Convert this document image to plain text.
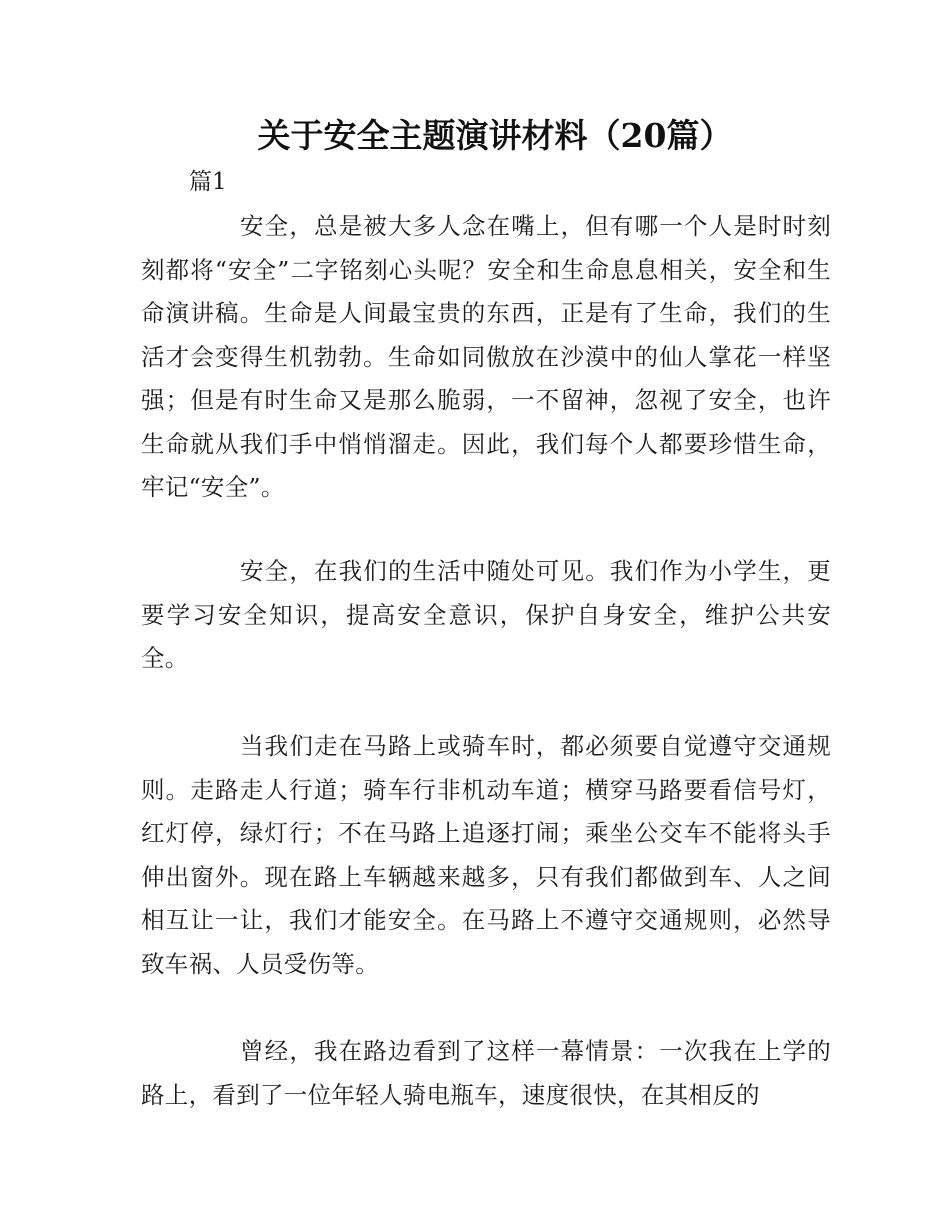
关于安全主题演讲材料（20篇）
篇1

安全，总是被大多人念在嘴上，但有哪一个人是时时刻刻都将“安全”二字铭刻心头呢？安全和生命息息相关，安全和生命演讲稿。生命是人间最宝贵的东西，正是有了生命，我们的生活才会变得生机勃勃。生命如同傲放在沙漠中的仙人掌花一样坚强；但是有时生命又是那么脆弱，一不留神，忽视了安全，也许生命就从我们手中悄悄溜走。因此，我们每个人都要珍惜生命，牢记“安全”。

安全，在我们的生活中随处可见。我们作为小学生，更要学习安全知识，提高安全意识，保护自身安全，维护公共安全。

当我们走在马路上或骑车时，都必须要自觉遵守交通规则。走路走人行道；骑车行非机动车道；横穿马路要看信号灯，红灯停，绿灯行；不在马路上追逐打闹；乘坐公交车不能将头手伸出窗外。现在路上车辆越来越多，只有我们都做到车、人之间相互让一让，我们才能安全。在马路上不遵守交通规则，必然导致车祸、人员受伤等。

曾经，我在路边看到了这样一幕情景：一次我在上学的路上，看到了一位年轻人骑电瓶车，速度很快，在其相反的
